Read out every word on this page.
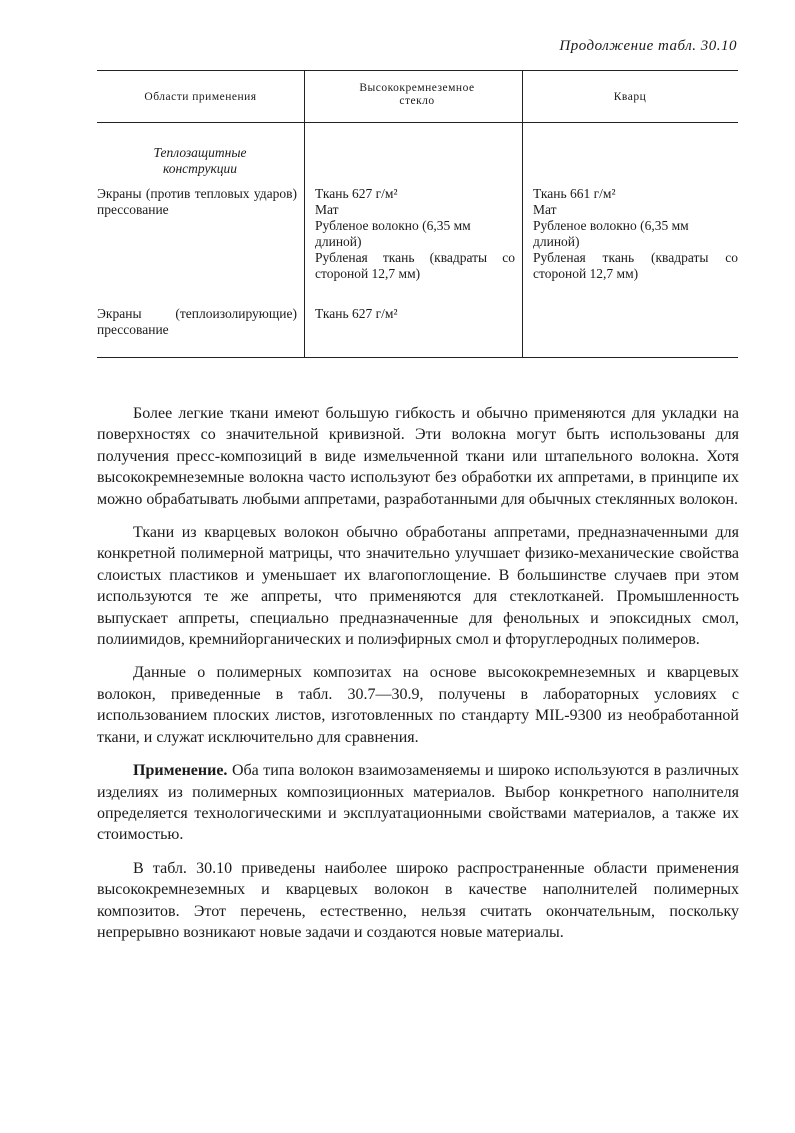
Продолжение табл. 30.10
Области применения
Высококремнеземное стекло	Кварц
Теплозащитные конструкции
Экраны (против тепловых ударов) прессование
Ткань 627 г/м²
Мат
Рубленое волокно (6,35 мм длиной)
Рубленая ткань (квадраты со стороной 12,7 мм)
Ткань 661 г/м²
Мат
Рубленое волокно (6,35 мм длиной)
Рубленая ткань (квадраты со стороной 12,7 мм)
Экраны (теплоизолирующие) прессование
Ткань 627 г/м²

Более легкие ткани имеют большую гибкость и обычно применяются для укладки на поверхностях со значительной кривизной. Эти волокна могут быть использованы для получения пресс-композиций в виде измельченной ткани или штапельного волокна. Хотя высококремнеземные волокна часто используют без обработки их аппретами, в принципе их можно обрабатывать любыми аппретами, разработанными для обычных стеклянных волокон.

Ткани из кварцевых волокон обычно обработаны аппретами, предназначенными для конкретной полимерной матрицы, что значительно улучшает физико-механические свойства слоистых пластиков и уменьшает их влагопоглощение. В большинстве случаев при этом используются те же аппреты, что применяются для стеклотканей. Промышленность выпускает аппреты, специально предназначенные для фенольных и эпоксидных смол, полиимидов, кремнийорганических и полиэфирных смол и фторуглеродных полимеров.

Данные о полимерных композитах на основе высококремнеземных и кварцевых волокон, приведенные в табл. 30.7—30.9, получены в лабораторных условиях с использованием плоских листов, изготовленных по стандарту MIL-9300 из необработанной ткани, и служат исключительно для сравнения.

Применение. Оба типа волокон взаимозаменяемы и широко используются в различных изделиях из полимерных композиционных материалов. Выбор конкретного наполнителя определяется технологическими и эксплуатационными свойствами материалов, а также их стоимостью.

В табл. 30.10 приведены наиболее широко распространенные области применения высококремнеземных и кварцевых волокон в качестве наполнителей полимерных композитов. Этот перечень, естественно, нельзя считать окончательным, поскольку непрерывно возникают новые задачи и создаются новые материалы.
